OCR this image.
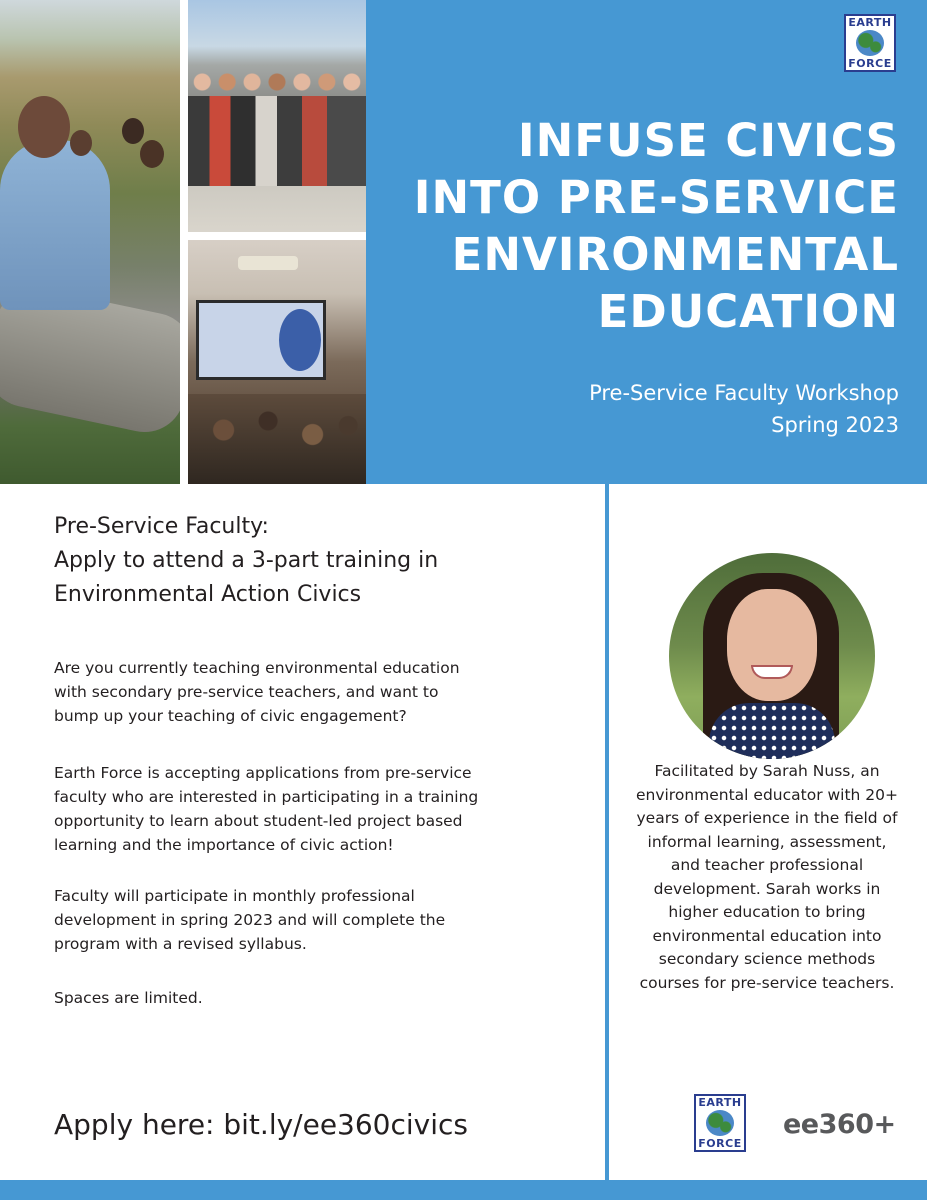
EARTH
FORCE
INFUSE CIVICS
INTO PRE-SERVICE
ENVIRONMENTAL
EDUCATION
Pre-Service Faculty Workshop
Spring 2023
Pre-Service Faculty:
Apply to attend a 3-part training in
Environmental Action Civics
Are you currently teaching environmental education
with secondary pre-service teachers, and want to
bump up your teaching of civic engagement?
Earth Force is accepting applications from pre-service
faculty who are interested in participating in a training
opportunity to learn about student-led project based
learning and the importance of civic action!
Faculty will participate in monthly professional
development in spring 2023 and will complete the
program with a revised syllabus.
Spaces are limited.
Apply here: bit.ly/ee360civics
Facilitated by Sarah Nuss, an
environmental educator with 20+
years of experience in the field of
informal learning, assessment,
and teacher professional
development. Sarah works in
higher education to bring
environmental education into
secondary science methods
courses for pre-service teachers.
EARTH
FORCE
ee360+
